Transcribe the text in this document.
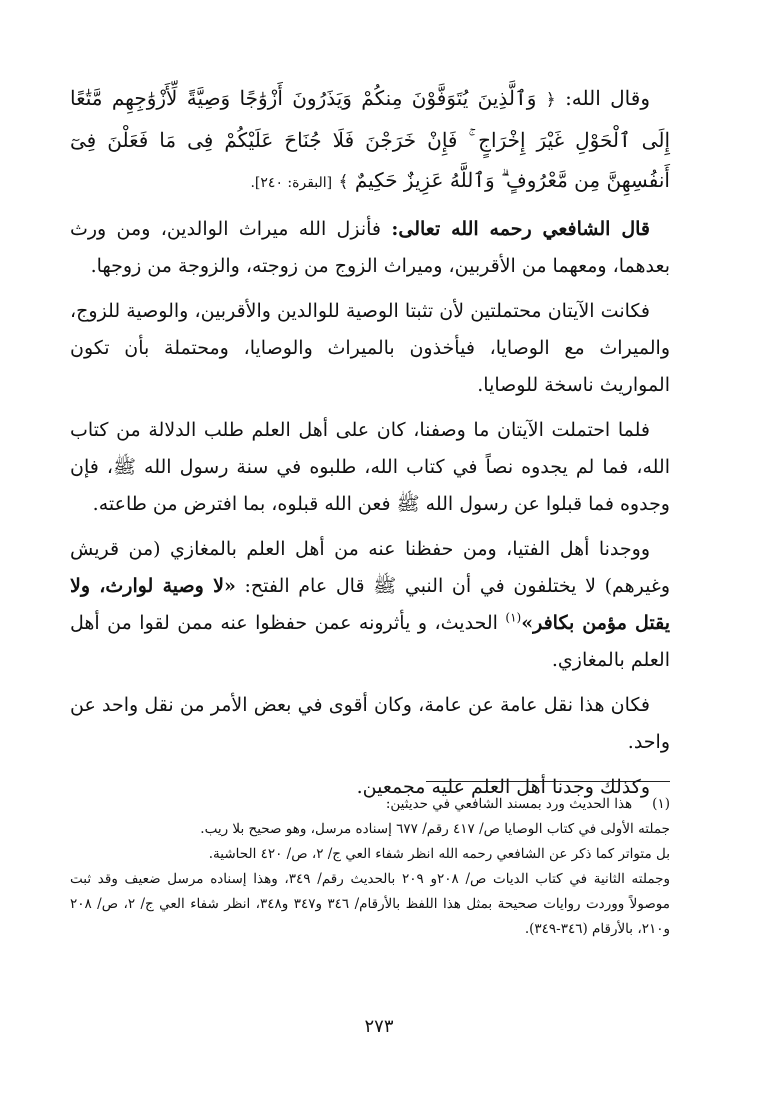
وقال الله: ﴿ وَٱلَّذِينَ يُتَوَفَّوْنَ مِنكُمْ وَيَذَرُونَ أَزْوَٰجًا وَصِيَّةً لِّأَزْوَٰجِهِم مَّتَٰعًا إِلَى ٱلْحَوْلِ غَيْرَ إِخْرَاجٍ ۚ فَإِنْ خَرَجْنَ فَلَا جُنَاحَ عَلَيْكُمْ فِى مَا فَعَلْنَ فِىٓ أَنفُسِهِنَّ مِن مَّعْرُوفٍ ۗ وَٱللَّهُ عَزِيزٌ حَكِيمٌ ﴾ [البقرة: ٢٤٠].

قال الشافعي رحمه الله تعالى: فأنزل الله ميراث الوالدين، ومن ورث بعدهما، ومعهما من الأقربين، وميراث الزوج من زوجته، والزوجة من زوجها.

فكانت الآيتان محتملتين لأن تثبتا الوصية للوالدين والأقربين، والوصية للزوج، والميراث مع الوصايا، فيأخذون بالميراث والوصايا، ومحتملة بأن تكون المواريث ناسخة للوصايا.

فلما احتملت الآيتان ما وصفنا، كان على أهل العلم طلب الدلالة من كتاب الله، فما لم يجدوه نصاً في كتاب الله، طلبوه في سنة رسول الله ﷺ، فإن وجدوه فما قبلوا عن رسول الله ﷺ فعن الله قبلوه، بما افترض من طاعته.

ووجدنا أهل الفتيا، ومن حفظنا عنه من أهل العلم بالمغازي (من قريش وغيرهم) لا يختلفون في أن النبي ﷺ قال عام الفتح: «لا وصية لوارث، ولا يقتل مؤمن بكافر»$^{(١)}$ الحديث، و يأثرونه عمن حفظوا عنه ممن لقوا من أهل العلم بالمغازي.

فكان هذا نقل عامة عن عامة، وكان أقوى في بعض الأمر من نقل واحد عن واحد.

وكذلك وجدنا أهل العلم عليه مجمعين.

(١)هذا الحديث ورد بمسند الشافعي في حديثين:

جملته الأولى في كتاب الوصايا ص/ ٤١٧ رقم/ ٦٧٧ إسناده مرسل، وهو صحيح بلا ريب.

بل متواتر كما ذكر عن الشافعي رحمه الله انظر شفاء العي ج/ ٢، ص/ ٤٢٠ الحاشية.

وجملته الثانية في كتاب الديات ص/ ٢٠٨و ٢٠٩ بالحديث رقم/ ٣٤٩، وهذا إسناده مرسل ضعيف وقد ثبت موصولاً ووردت روايات صحيحة بمثل هذا اللفظ بالأرقام/ ٣٤٦ و٣٤٧ و٣٤٨، انظر شفاء العي ج/ ٢، ص/ ٢٠٨ و٢١٠، بالأرقام (٣٤٦-٣٤٩).

٢٧٣
